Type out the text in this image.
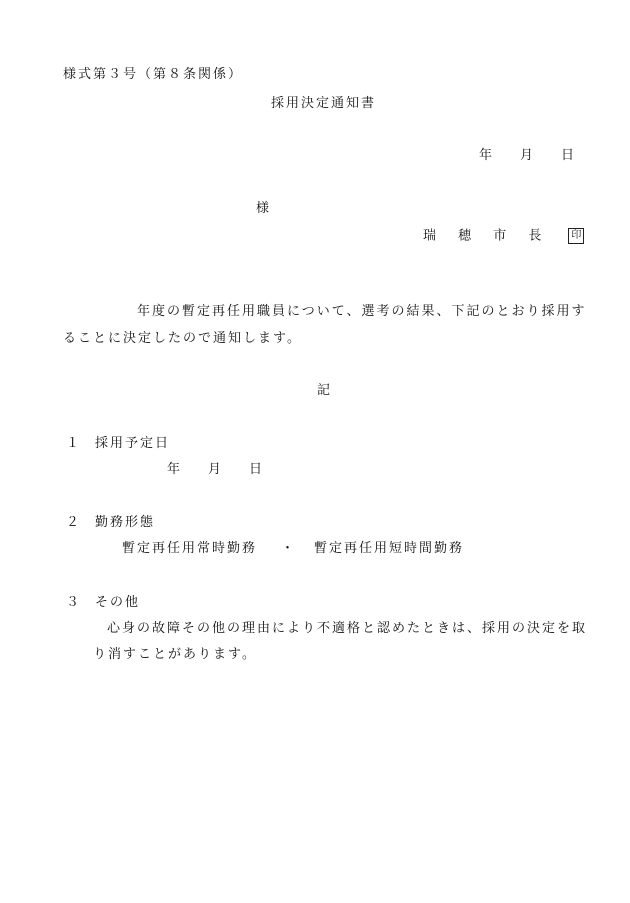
様式第３号（第８条関係）
採用決定通知書
年 月 日
様
瑞 穂 市 長 印
年度の暫定再任用職員について、選考の結果、下記のとおり採用す
ることに決定したので通知します。
記
１ 採用予定日
年 月 日
２ 勤務形態
暫定再任用常時勤務 ・ 暫定再任用短時間勤務
３ その他
心身の故障その他の理由により不適格と認めたときは、採用の決定を取
り消すことがあります。
